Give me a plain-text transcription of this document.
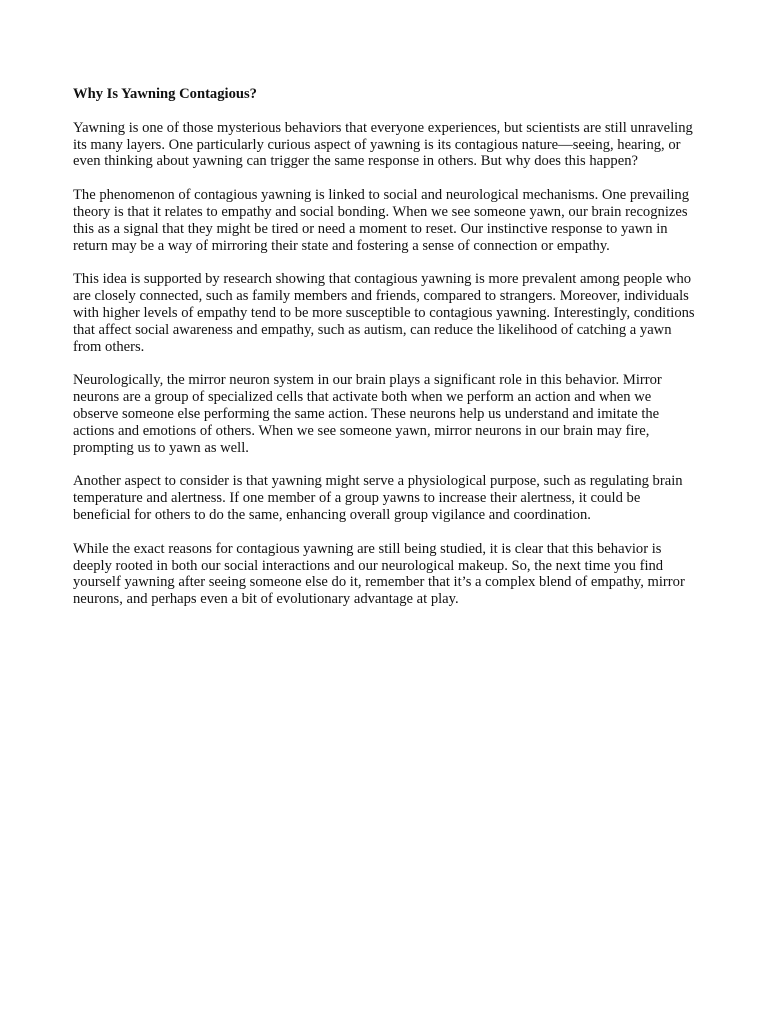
Why Is Yawning Contagious?

Yawning is one of those mysterious behaviors that everyone experiences, but scientists are still unraveling its many layers. One particularly curious aspect of yawning is its contagious nature—seeing, hearing, or even thinking about yawning can trigger the same response in others. But why does this happen?

The phenomenon of contagious yawning is linked to social and neurological mechanisms. One prevailing theory is that it relates to empathy and social bonding. When we see someone yawn, our brain recognizes this as a signal that they might be tired or need a moment to reset. Our instinctive response to yawn in return may be a way of mirroring their state and fostering a sense of connection or empathy.

This idea is supported by research showing that contagious yawning is more prevalent among people who are closely connected, such as family members and friends, compared to strangers. Moreover, individuals with higher levels of empathy tend to be more susceptible to contagious yawning. Interestingly, conditions that affect social awareness and empathy, such as autism, can reduce the likelihood of catching a yawn from others.

Neurologically, the mirror neuron system in our brain plays a significant role in this behavior. Mirror neurons are a group of specialized cells that activate both when we perform an action and when we observe someone else performing the same action. These neurons help us understand and imitate the actions and emotions of others. When we see someone yawn, mirror neurons in our brain may fire, prompting us to yawn as well.

Another aspect to consider is that yawning might serve a physiological purpose, such as regulating brain temperature and alertness. If one member of a group yawns to increase their alertness, it could be beneficial for others to do the same, enhancing overall group vigilance and coordination.

While the exact reasons for contagious yawning are still being studied, it is clear that this behavior is deeply rooted in both our social interactions and our neurological makeup. So, the next time you find yourself yawning after seeing someone else do it, remember that it’s a complex blend of empathy, mirror neurons, and perhaps even a bit of evolutionary advantage at play.
